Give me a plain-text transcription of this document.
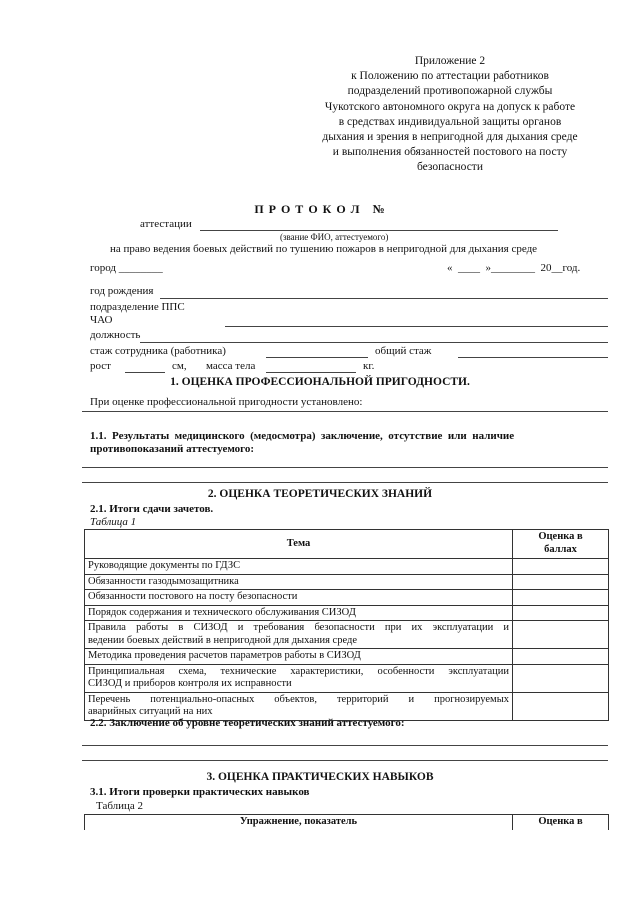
Приложение 2
к Положению по аттестации работников
подразделений противопожарной службы
Чукотского автономного округа на допуск к работе
в средствах индивидуальной защиты органов
дыхания и зрения в непригодной для дыхания среде
и выполнения обязанностей постового на посту
безопасности
П Р О Т О К О Л   №
аттестации
(звание ФИО, аттестуемого)
на право ведения боевых действий по тушению пожаров в непригодной для дыхания среде
город ________	«  ____  »________  20__год.
год рождения
подразделение ППС
ЧАО
должность
стаж сотрудника (работника)	общий стаж
рост	см, масса тела	кг.
1. ОЦЕНКА ПРОФЕССИОНАЛЬНОЙ ПРИГОДНОСТИ.
При оценке профессиональной пригодности установлено:
1.1.  Результаты  медицинского  (медосмотра)  заключение,  отсутствие  или  наличие
противопоказаний аттестуемого:
2. ОЦЕНКА ТЕОРЕТИЧЕСКИХ ЗНАНИЙ
2.1. Итоги сдачи зачетов.
Таблица 1
Тема	Оценка в
баллах

Руководящие документы по ГДЗС	
Обязанности газодымозащитника	
Обязанности постового на посту безопасности	
Порядок содержания и технического обслуживания СИЗОД	

Правила работы в СИЗОД и требования безопасности при их эксплуатации и
ведении боевых действий в непригодной для дыхания среде	

Методика проведения расчетов параметров работы в СИЗОД	

Принципиальная схема, технические характеристики, особенности эксплуатации
СИЗОД и приборов контроля их исправности	

Перечень потенциально-опасных объектов, территорий и прогнозируемых
аварийных ситуаций на них	

2.2. Заключение об уровне теоретических знаний аттестуемого:
3. ОЦЕНКА ПРАКТИЧЕСКИХ НАВЫКОВ
3.1. Итоги проверки практических навыков
Таблица 2
Упражнение, показатель	Оценка в
